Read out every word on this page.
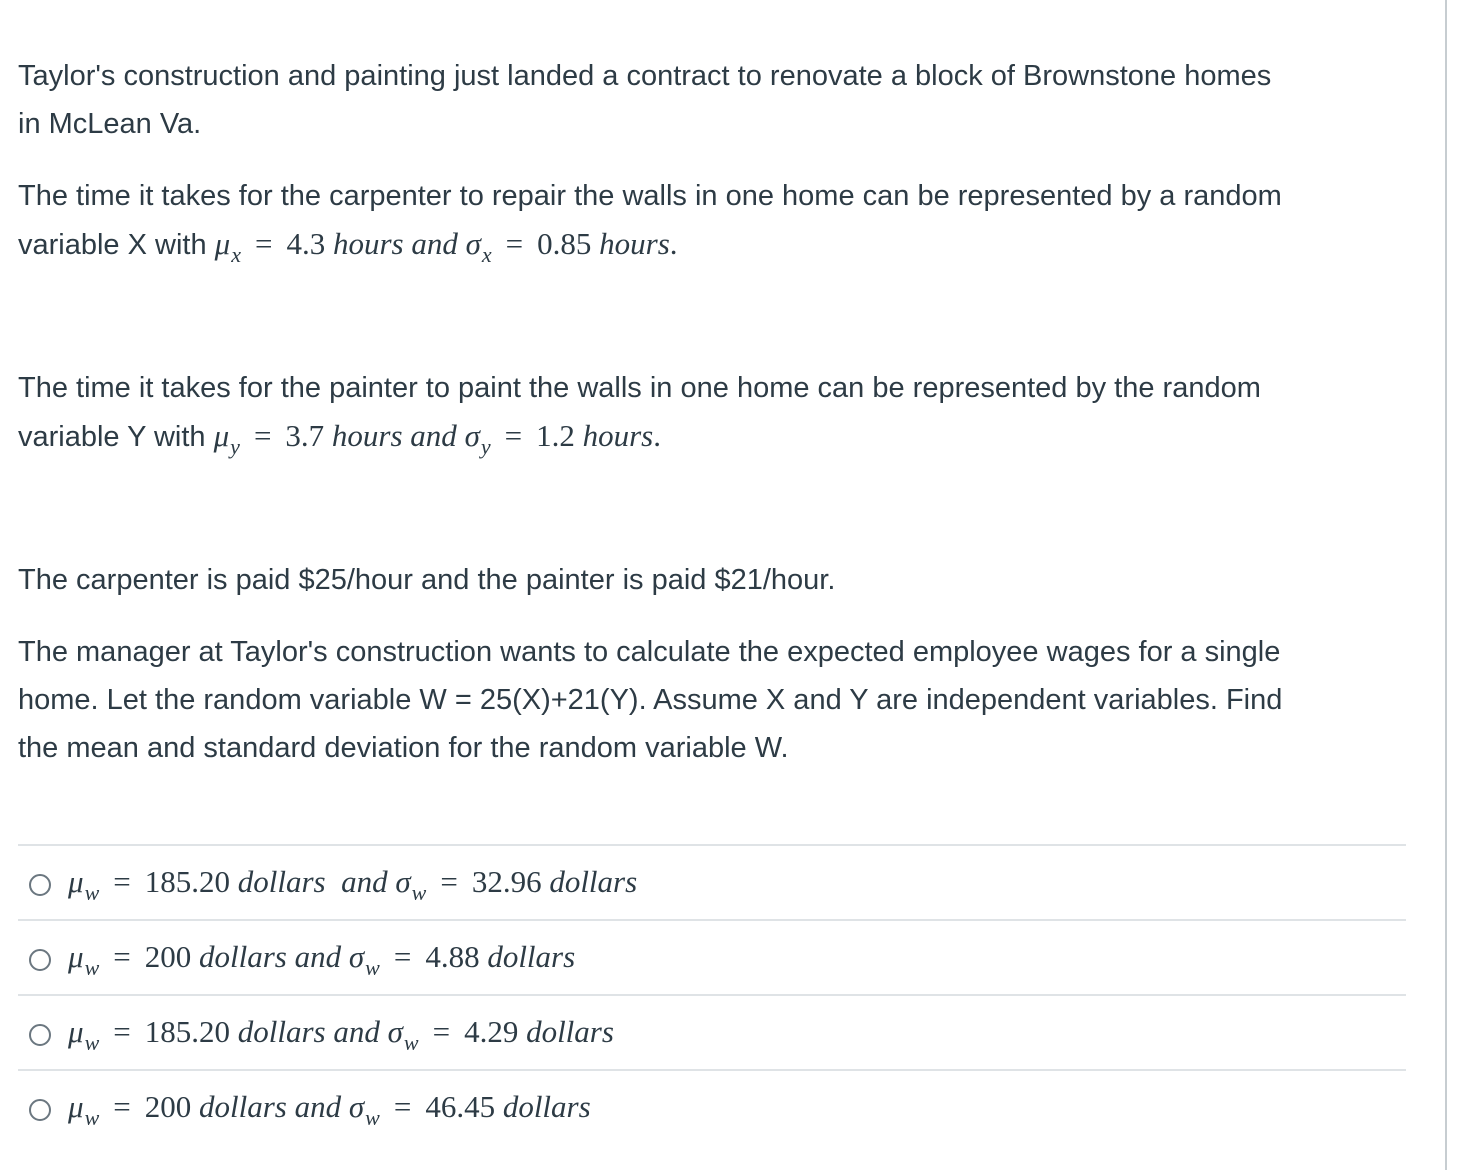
Taylor's construction and painting just landed a contract to renovate a block of Brownstone homes
in McLean Va.
The time it takes for the carpenter to repair the walls in one home can be represented by a random
variable X with $\mu_x = 4.3$ hours and $\sigma_x = 0.85$ hours.
The time it takes for the painter to paint the walls in one home can be represented by the random
variable Y with $\mu_y = 3.7$ hours and $\sigma_y = 1.2$ hours.
The carpenter is paid $25/hour and the painter is paid $21/hour.
The manager at Taylor's construction wants to calculate the expected employee wages for a single
home. Let the random variable W = 25(X)+21(Y). Assume X and Y are independent variables. Find
the mean and standard deviation for the random variable W.
$\mu_w = 185.20$ dollars  and $\sigma_w = 32.96$ dollars
$\mu_w = 200$ dollars and $\sigma_w = 4.88$ dollars
$\mu_w = 185.20$ dollars and $\sigma_w = 4.29$ dollars
$\mu_w = 200$ dollars and $\sigma_w = 46.45$ dollars
